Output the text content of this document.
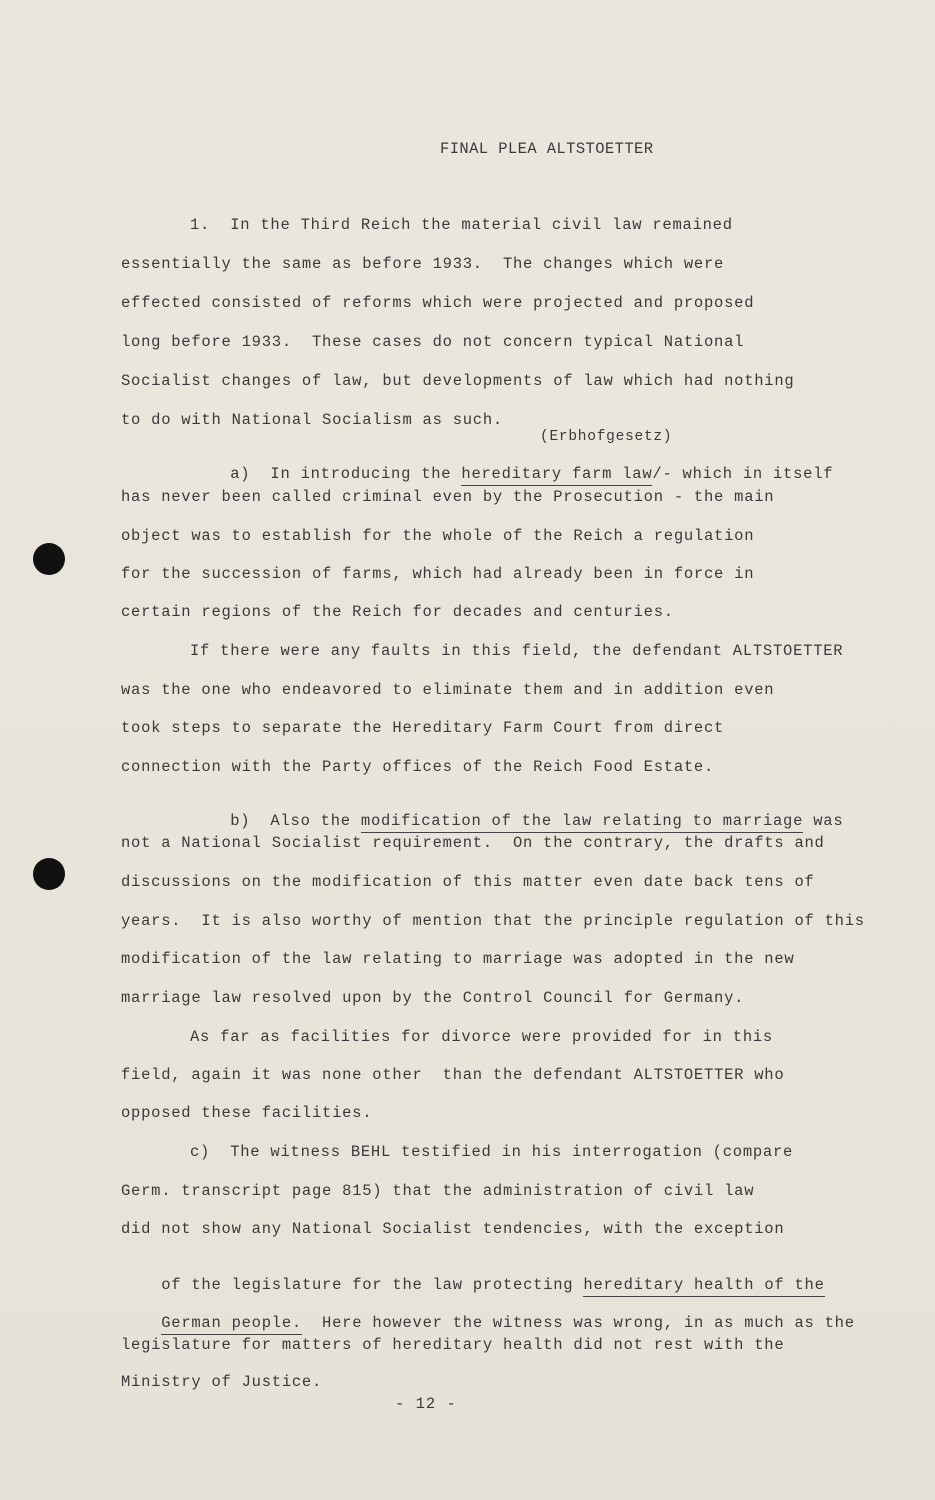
FINAL PLEA ALTSTOETTER
1.  In the Third Reich the material civil law remained
essentially the same as before 1933.  The changes which were
effected consisted of reforms which were projected and proposed
long before 1933.  These cases do not concern typical National
Socialist changes of law, but developments of law which had nothing
to do with National Socialism as such.
(Erbhofgesetz)

a)  In introducing the hereditary farm law/- which in itself

has never been called criminal even by the Prosecution - the main
object was to establish for the whole of the Reich a regulation
for the succession of farms, which had already been in force in
certain regions of the Reich for decades and centuries.
If there were any faults in this field, the defendant ALTSTOETTER
was the one who endeavored to eliminate them and in addition even
took steps to separate the Hereditary Farm Court from direct
connection with the Party offices of the Reich Food Estate.

b)  Also the modification of the law relating to marriage was

not a National Socialist requirement.  On the contrary, the drafts and
discussions on the modification of this matter even date back tens of
years.  It is also worthy of mention that the principle regulation of this
modification of the law relating to marriage was adopted in the new
marriage law resolved upon by the Control Council for Germany.
As far as facilities for divorce were provided for in this
field, again it was none other  than the defendant ALTSTOETTER who
opposed these facilities.
c)  The witness BEHL testified in his interrogation (compare
Germ. transcript page 815) that the administration of civil law
did not show any National Socialist tendencies, with the exception

of the legislature for the law protecting hereditary health of the

German people.  Here however the witness was wrong, in as much as the

legislature for matters of hereditary health did not rest with the
Ministry of Justice.
- 12 -
